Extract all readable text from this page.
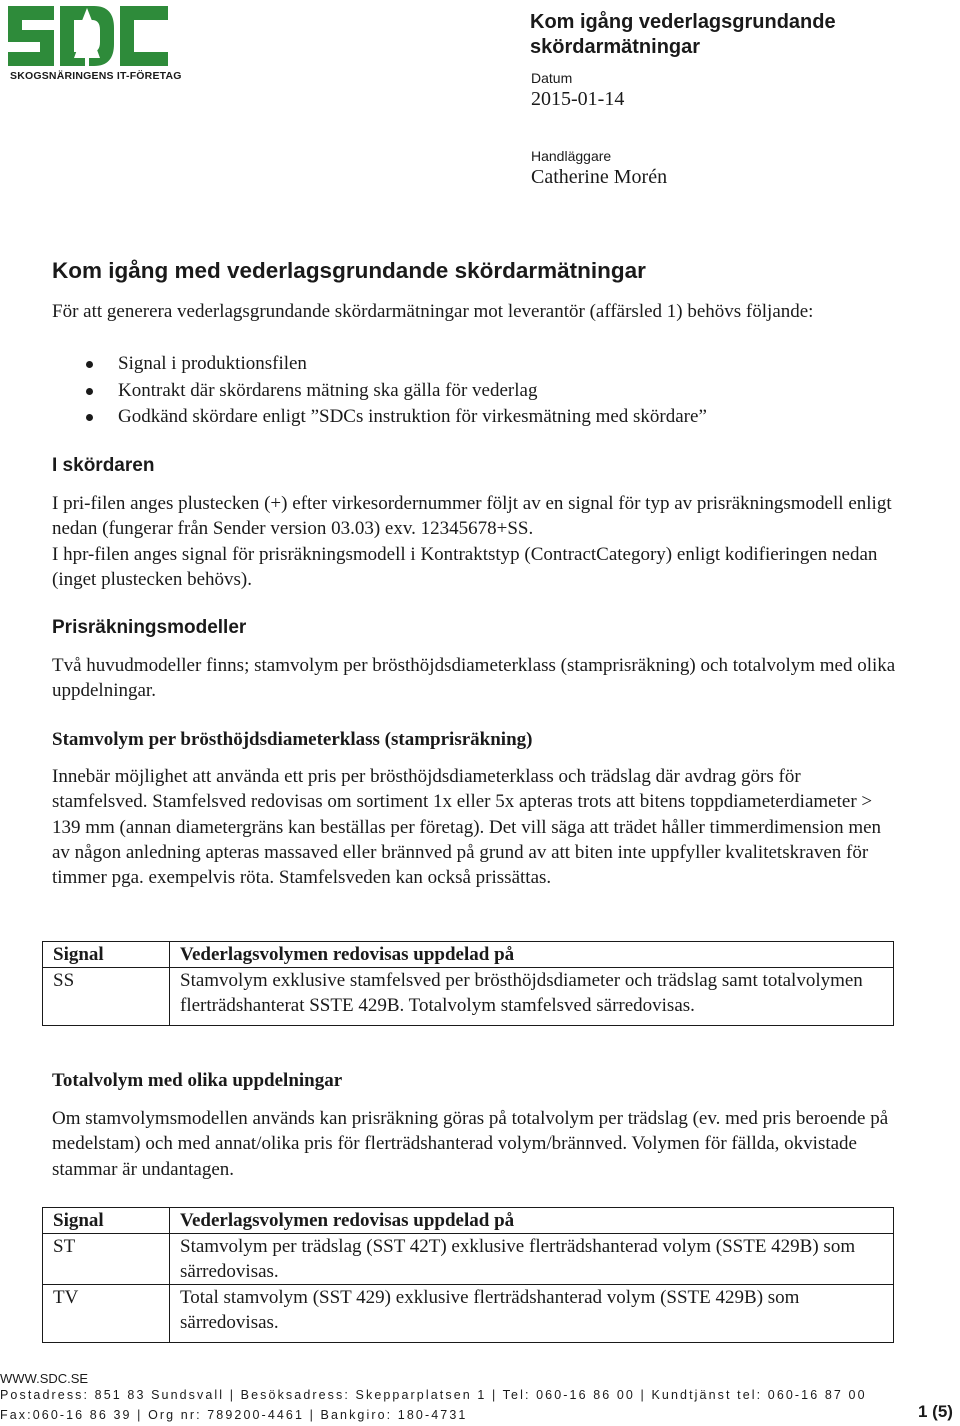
SKOGSNÄRINGENS IT-FÖRETAG
Kom igång vederlagsgrundande skördarmätningar
Datum
2015-01-14
Handläggare
Catherine Morén
Kom igång med vederlagsgrundande skördarmätningar
För att generera vederlagsgrundande skördarmätningar mot leverantör (affärsled 1) behövs följande:
Signal i produktionsfilen
Kontrakt där skördarens mätning ska gälla för vederlag
Godkänd skördare enligt ”SDCs instruktion för virkesmätning med skördare”
I skördaren
I pri-filen anges plustecken (+) efter virkesordernummer följt av en signal för typ av prisräkningsmodell enligt nedan (fungerar från Sender version 03.03) exv. 12345678+SS.
I hpr-filen anges signal för prisräkningsmodell i Kontraktstyp (ContractCategory) enligt kodifieringen nedan (inget plustecken behövs).
Prisräkningsmodeller
Två huvudmodeller finns; stamvolym per brösthöjdsdiameterklass (stamprisräkning) och totalvolym med olika uppdelningar.
Stamvolym per brösthöjdsdiameterklass (stamprisräkning)
Innebär möjlighet att använda ett pris per brösthöjdsdiameterklass och trädslag där avdrag görs för stamfelsved. Stamfelsved redovisas om sortiment 1x eller 5x apteras trots att bitens toppdiameterdiameter > 139 mm (annan diametergräns kan beställas per företag). Det vill säga att trädet håller timmerdimension men av någon anledning apteras massaved eller brännved på grund av att biten inte uppfyller kvalitetskraven för timmer pga. exempelvis röta. Stamfelsveden kan också prissättas.
Signal	Vederlagsvolymen redovisas uppdelad på
SS	Stamvolym exklusive stamfelsved per brösthöjdsdiameter och trädslag samt totalvolymen flerträdshanterat SSTE 429B. Totalvolym stamfelsved särredovisas.
Totalvolym med olika uppdelningar
Om stamvolymsmodellen används kan prisräkning göras på totalvolym per trädslag (ev. med pris beroende på medelstam) och med annat/olika pris för flerträdshanterad volym/brännved. Volymen för fällda, okvistade stammar är undantagen.
Signal	Vederlagsvolymen redovisas uppdelad på
ST	Stamvolym per trädslag (SST 42T) exklusive flerträdshanterad volym (SSTE 429B) som särredovisas.
TV	Total stamvolym (SST 429) exklusive flerträdshanterad volym (SSTE 429B) som särredovisas.
WWW.SDC.SE
Postadress: 851 83 Sundsvall | Besöksadress: Skepparplatsen 1 | Tel: 060-16 86 00 | Kundtjänst tel: 060-16 87 00
Fax:060-16 86 39 | Org nr: 789200-4461 | Bankgiro: 180-4731	1 (5)
